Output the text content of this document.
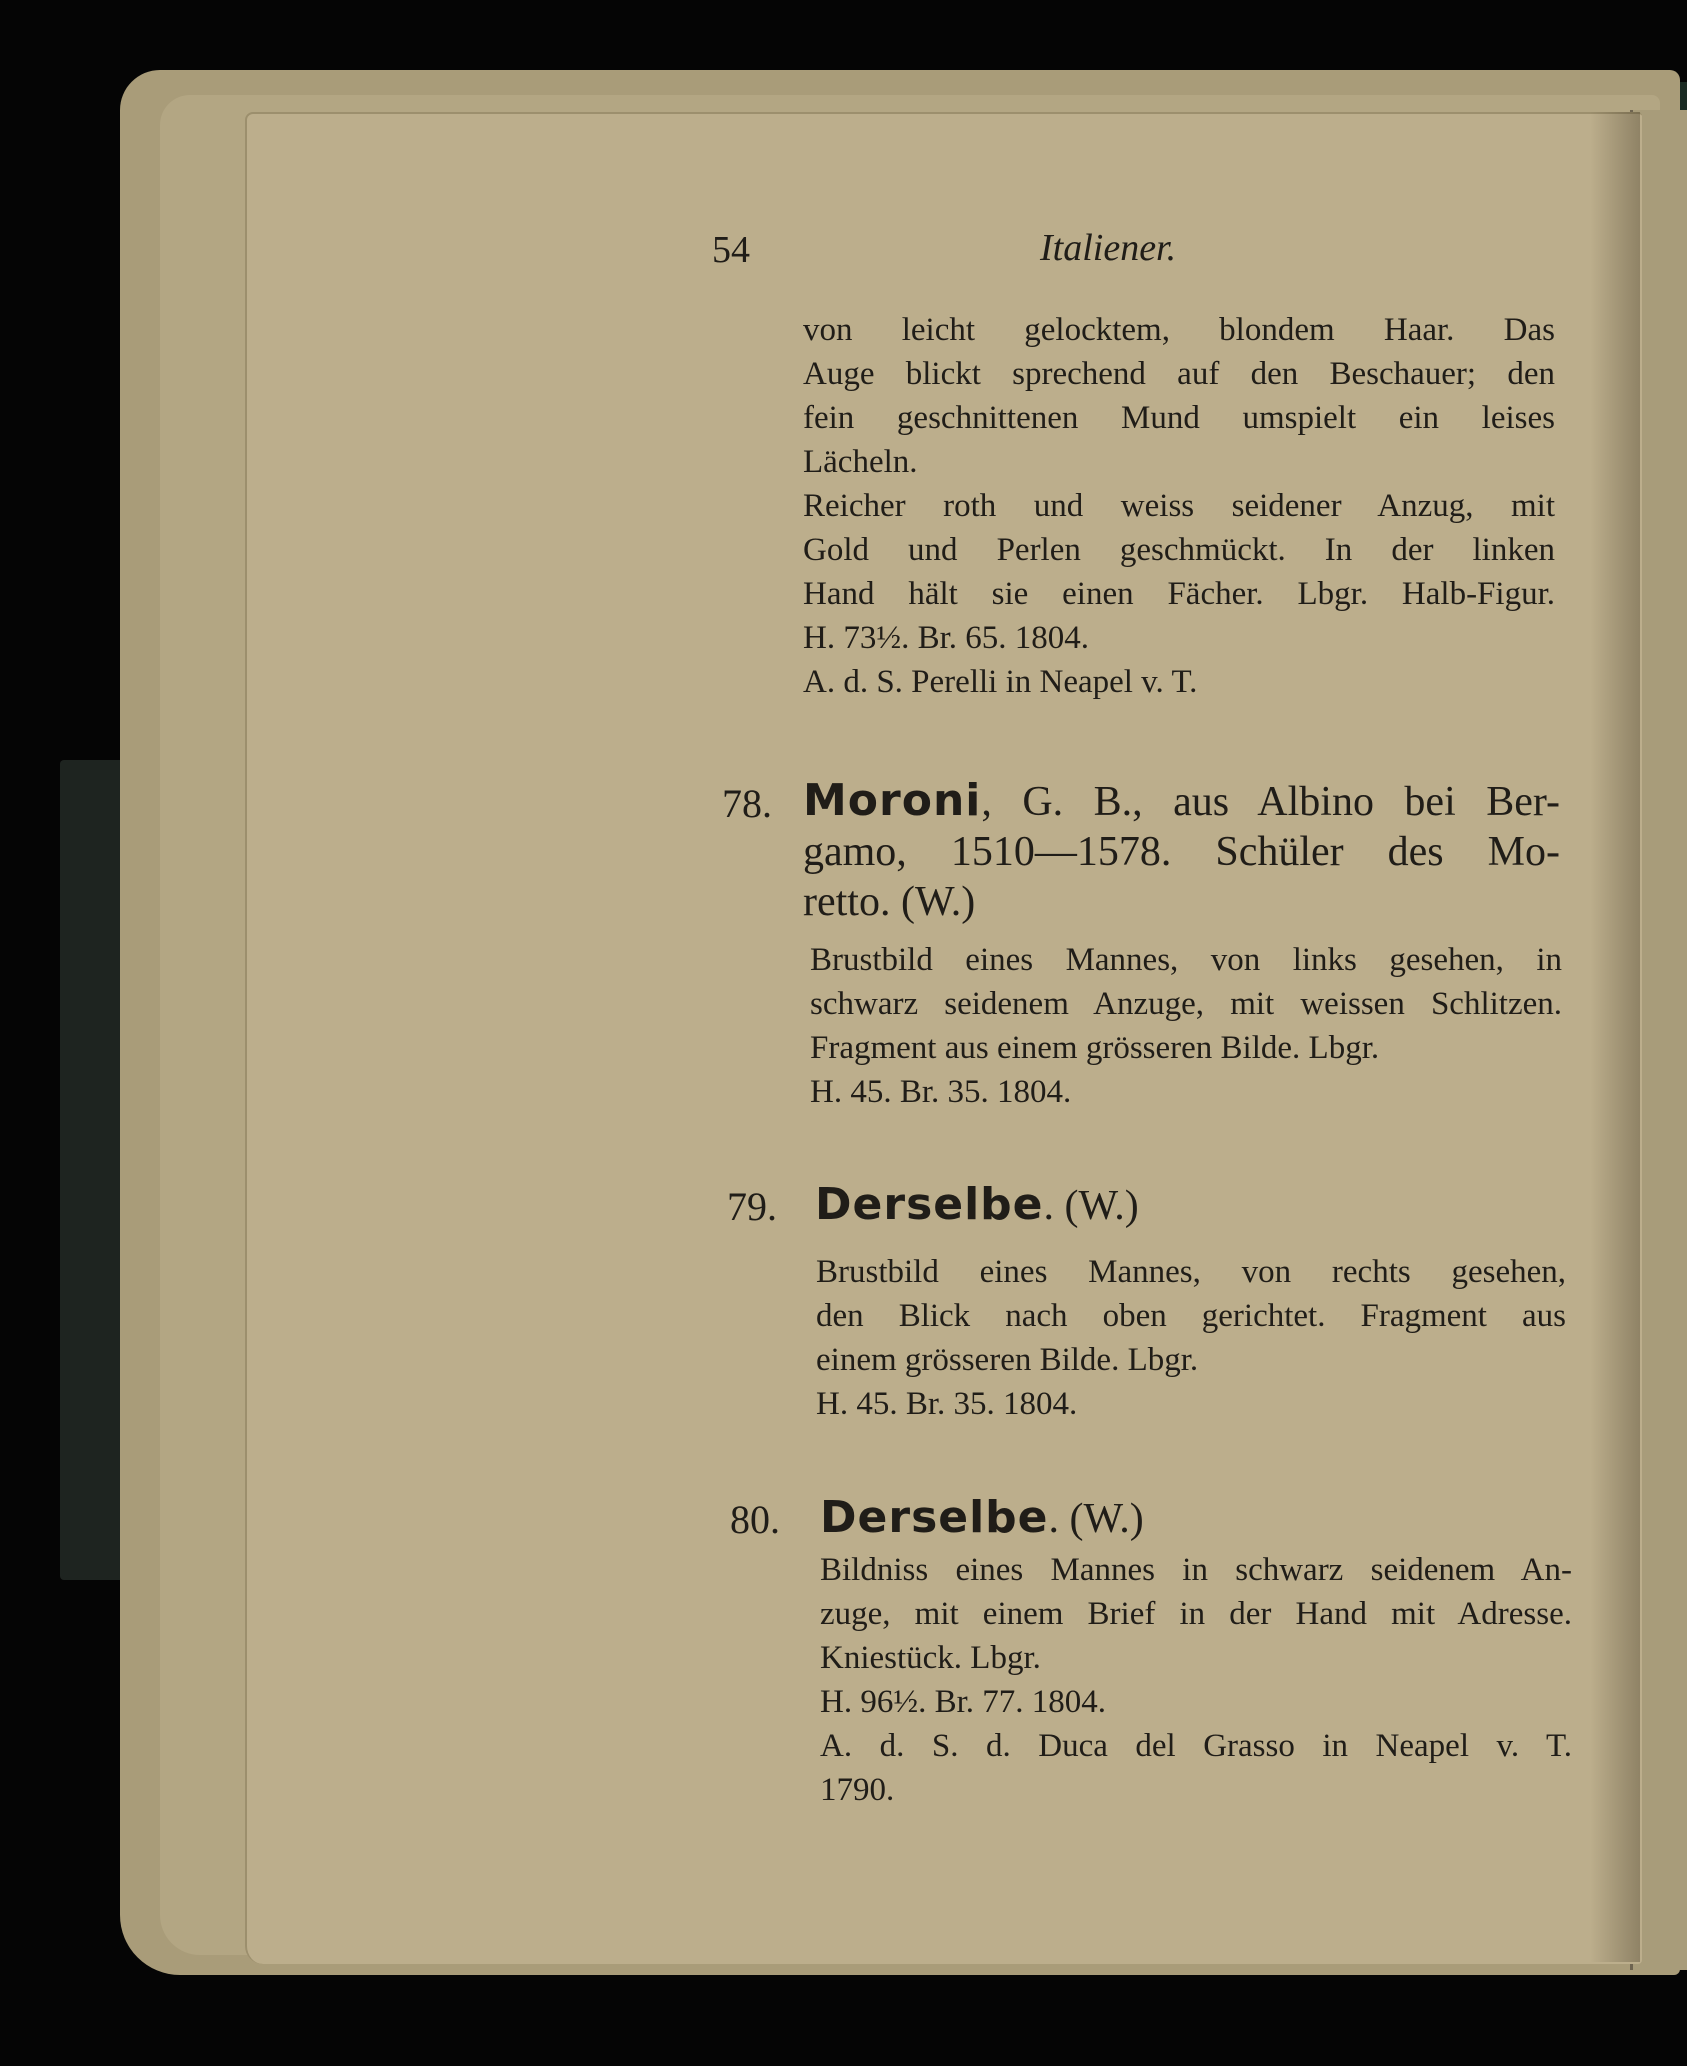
54	Italiener.
von leicht gelocktem, blondem Haar. Das
Auge blickt sprechend auf den Beschauer; den
fein geschnittenen Mund umspielt ein leises
Lächeln.
Reicher roth und weiss seidener Anzug, mit
Gold und Perlen geschmückt. In der linken
Hand hält sie einen Fächer. Lbgr. Halb-Figur.
H. 73½. Br. 65. 1804.
A. d. S. Perelli in Neapel v. T.
78. Moroni, G. B., aus Albino bei Ber-
gamo, 1510—1578. Schüler des Mo-
retto. (W.)
Brustbild eines Mannes, von links gesehen, in
schwarz seidenem Anzuge, mit weissen Schlitzen.
Fragment aus einem grösseren Bilde. Lbgr.
H. 45. Br. 35. 1804.
79. Derselbe. (W.)
Brustbild eines Mannes, von rechts gesehen,
den Blick nach oben gerichtet. Fragment aus
einem grösseren Bilde. Lbgr.
H. 45. Br. 35. 1804.
80. Derselbe. (W.)
Bildniss eines Mannes in schwarz seidenem An-
zuge, mit einem Brief in der Hand mit Adresse.
Kniestück. Lbgr.
H. 96½. Br. 77. 1804.
A. d. S. d. Duca del Grasso in Neapel v. T.
1790.
